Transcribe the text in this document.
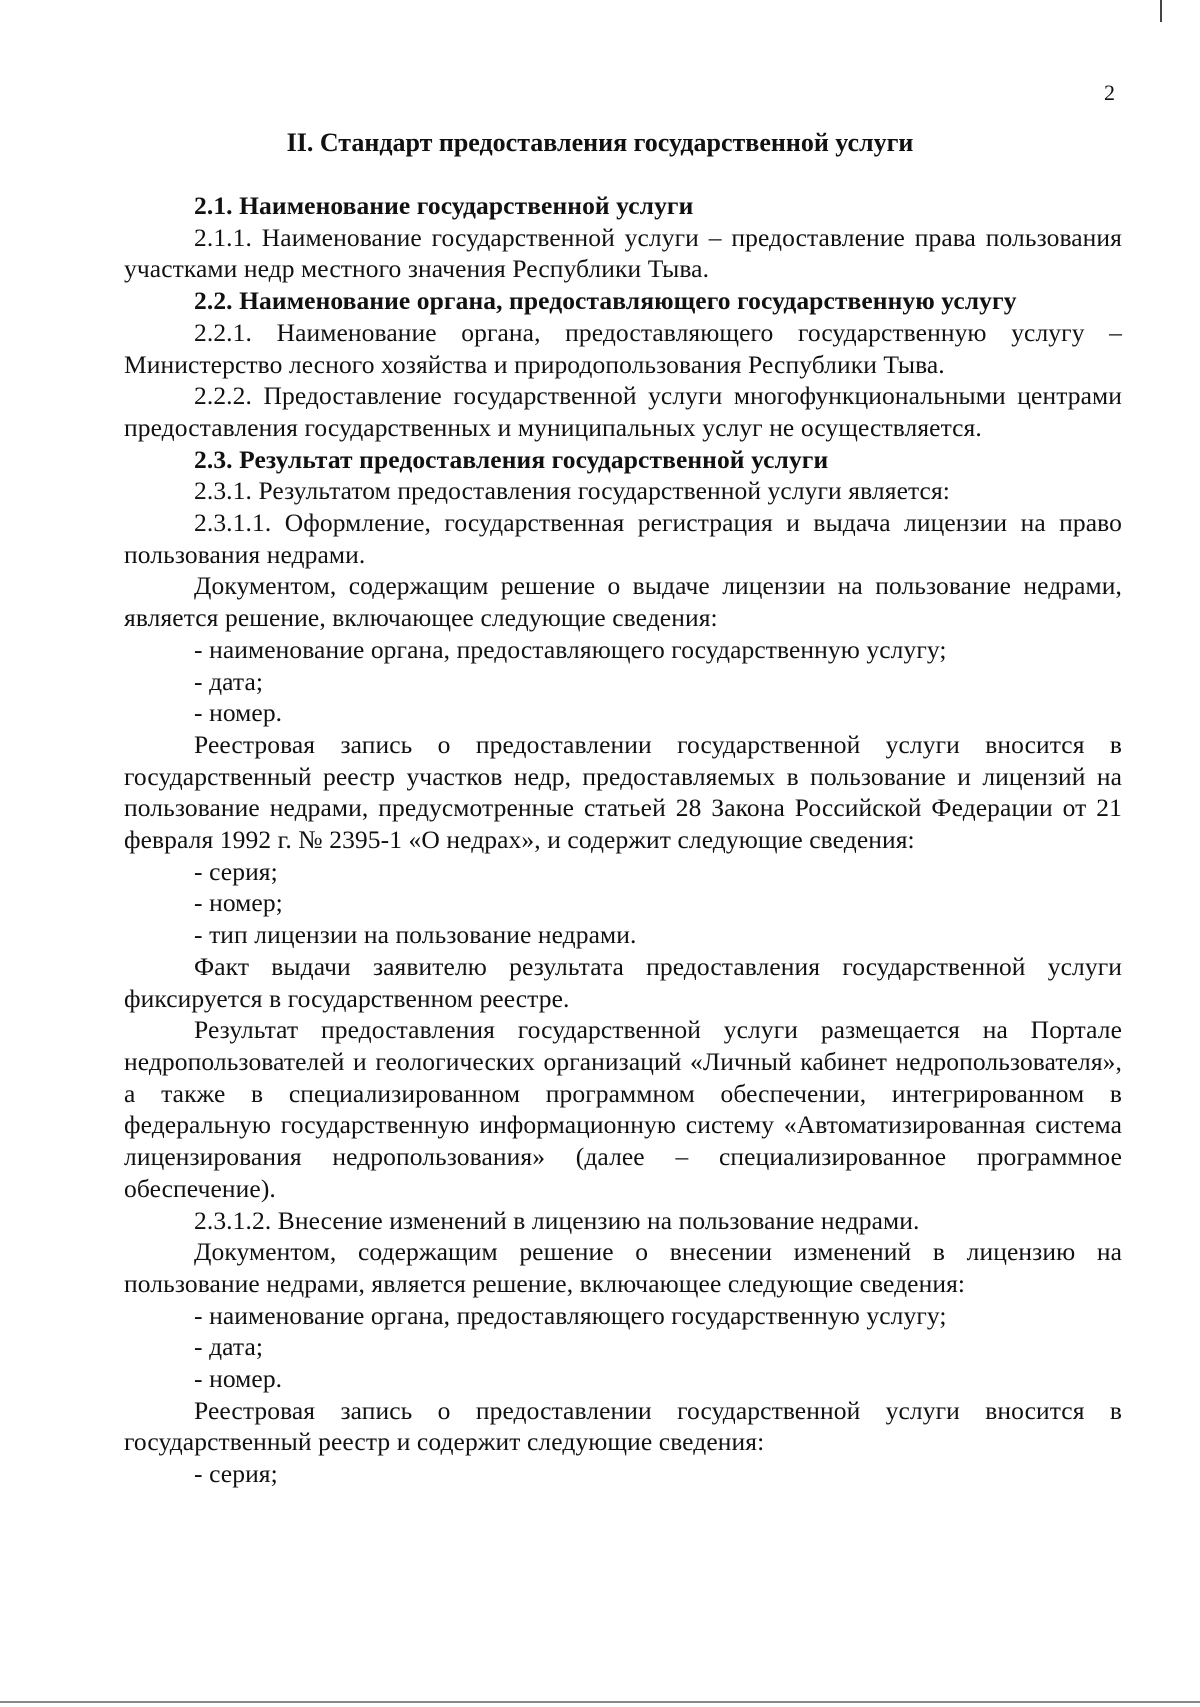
2
II. Стандарт предоставления государственной услуги

2.1. Наименование государственной услуги

2.1.1. Наименование государственной услуги – предоставление права пользования участками недр местного значения Республики Тыва.

2.2. Наименование органа, предоставляющего государственную услугу

2.2.1. Наименование органа, предоставляющего государственную услугу – Министерство лесного хозяйства и природопользования Республики Тыва.

2.2.2. Предоставление государственной услуги многофункциональными центрами предоставления государственных и муниципальных услуг не осуществляется.

2.3. Результат предоставления государственной услуги

2.3.1. Результатом предоставления государственной услуги является:

2.3.1.1. Оформление, государственная регистрация и выдача лицензии на право пользования недрами.

Документом, содержащим решение о выдаче лицензии на пользование недрами, является решение, включающее следующие сведения:

- наименование органа, предоставляющего государственную услугу;

- дата;

- номер.

Реестровая запись о предоставлении государственной услуги вносится в государственный реестр участков недр, предоставляемых в пользование и лицензий на пользование недрами, предусмотренные статьей 28 Закона Российской Федерации от 21 февраля 1992 г. № 2395-1 «О недрах», и содержит следующие сведения:

- серия;

- номер;

- тип лицензии на пользование недрами.

Факт выдачи заявителю результата предоставления государственной услуги фиксируется в государственном реестре.

Результат предоставления государственной услуги размещается на Портале недропользователей и геологических организаций «Личный кабинет недропользователя», а также в специализированном программном обеспечении, интегрированном в федеральную государственную информационную систему «Автоматизированная система лицензирования недропользования» (далее – специализированное программное обеспечение).

2.3.1.2. Внесение изменений в лицензию на пользование недрами.

Документом, содержащим решение о внесении изменений в лицензию на пользование недрами, является решение, включающее следующие сведения:

- наименование органа, предоставляющего государственную услугу;

- дата;

- номер.

Реестровая запись о предоставлении государственной услуги вносится в государственный реестр и содержит следующие сведения:

- серия;
